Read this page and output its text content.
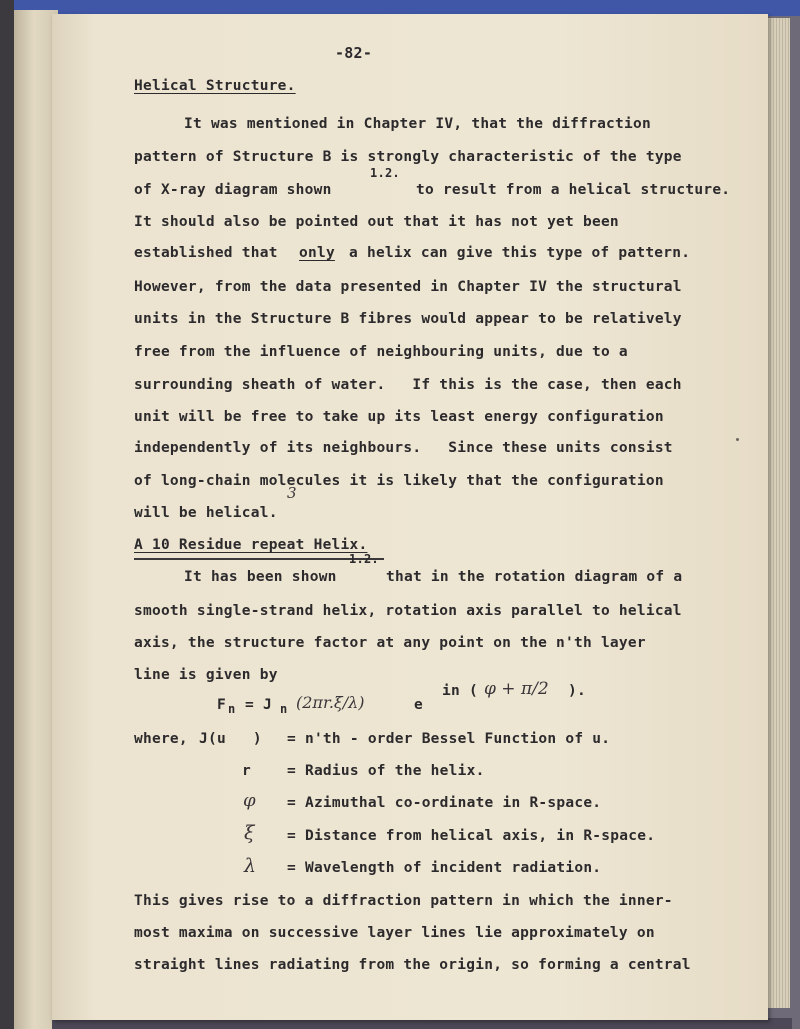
-82-
Helical Structure.
It was mentioned in Chapter IV, that the diffraction
pattern of Structure B is strongly characteristic of the type
1.2.
of X-ray diagram shown	to result from a helical structure.
It should also be pointed out that it has not yet been
established that only a helix can give this type of pattern.
However, from the data presented in Chapter IV the structural
units in the Structure B fibres would appear to be relatively
free from the influence of neighbouring units, due to a
surrounding sheath of water.   If this is the case, then each
unit will be free to take up its least energy configuration
independently of its neighbours.   Since these units consist
of long-chain molecules it is likely that the configuration
3
will be helical.
A 10 Residue repeat Helix.
1.2.
It has been shown	that in the rotation diagram of a
smooth single-strand helix, rotation axis parallel to helical
axis, the structure factor at any point on the n'th layer
line is given by
in ( φ + π/2 ).
F n = J n (2πr.ξ/λ)	e
where, J(u   ) = n'th - order Bessel Function of u.
r = Radius of the helix.
φ = Azimuthal co-ordinate in R-space.
ξ = Distance from helical axis, in R-space.
λ = Wavelength of incident radiation.
This gives rise to a diffraction pattern in which the inner-
most maxima on successive layer lines lie approximately on
straight lines radiating from the origin, so forming a central
